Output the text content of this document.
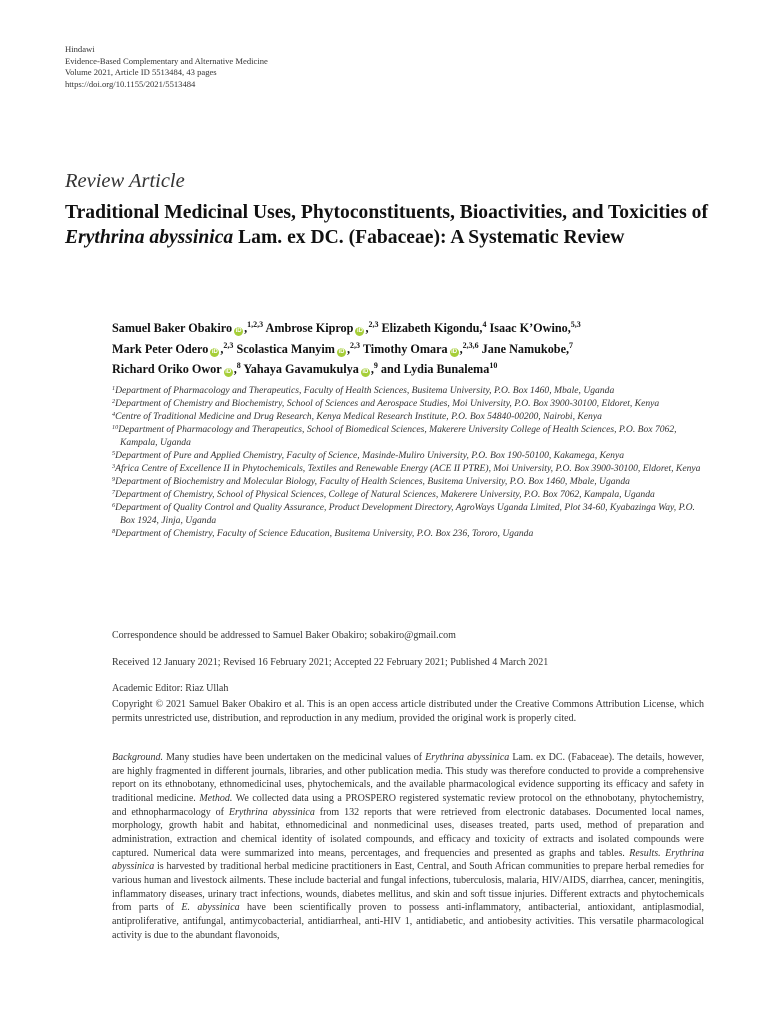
Hindawi
Evidence-Based Complementary and Alternative Medicine
Volume 2021, Article ID 5513484, 43 pages
https://doi.org/10.1155/2021/5513484
Review Article
Traditional Medicinal Uses, Phytoconstituents, Bioactivities, and Toxicities of Erythrina abyssinica Lam. ex DC. (Fabaceae): A Systematic Review
Samuel Baker Obakiro iD ,$^{1,2,3}$ Ambrose Kiprop iD ,$^{2,3}$ Elizabeth Kigondu,$^4$ Isaac K’Owino,$^{5,3}$
Mark Peter Odero iD ,$^{2,3}$ Scolastica Manyim iD ,$^{2,3}$ Timothy Omara iD ,$^{2,3,6}$ Jane Namukobe,$^7$
Richard Oriko Owor iD ,$^8$ Yahaya Gavamukulya iD ,$^9$ and Lydia Bunalema$^{10}$
$^1$Department of Pharmacology and Therapeutics, Faculty of Health Sciences, Busitema University, P.O. Box 1460, Mbale, Uganda
$^2$Department of Chemistry and Biochemistry, School of Sciences and Aerospace Studies, Moi University, P.O. Box 3900-30100, Eldoret, Kenya
$^4$Centre of Traditional Medicine and Drug Research, Kenya Medical Research Institute, P.O. Box 54840-00200, Nairobi, Kenya
$^{10}$Department of Pharmacology and Therapeutics, School of Biomedical Sciences, Makerere University College of Health Sciences, P.O. Box 7062, Kampala, Uganda
$^5$Department of Pure and Applied Chemistry, Faculty of Science, Masinde-Muliro University, P.O. Box 190-50100, Kakamega, Kenya
$^3$Africa Centre of Excellence II in Phytochemicals, Textiles and Renewable Energy (ACE II PTRE), Moi University, P.O. Box 3900-30100, Eldoret, Kenya
$^9$Department of Biochemistry and Molecular Biology, Faculty of Health Sciences, Busitema University, P.O. Box 1460, Mbale, Uganda
$^7$Department of Chemistry, School of Physical Sciences, College of Natural Sciences, Makerere University, P.O. Box 7062, Kampala, Uganda
$^6$Department of Quality Control and Quality Assurance, Product Development Directory, AgroWays Uganda Limited, Plot 34-60, Kyabazinga Way, P.O. Box 1924, Jinja, Uganda
$^8$Department of Chemistry, Faculty of Science Education, Busitema University, P.O. Box 236, Tororo, Uganda
Correspondence should be addressed to Samuel Baker Obakiro; sobakiro@gmail.com
Received 12 January 2021; Revised 16 February 2021; Accepted 22 February 2021; Published 4 March 2021
Academic Editor: Riaz Ullah
Copyright © 2021 Samuel Baker Obakiro et al. This is an open access article distributed under the Creative Commons Attribution License, which permits unrestricted use, distribution, and reproduction in any medium, provided the original work is properly cited.
Background. Many studies have been undertaken on the medicinal values of Erythrina abyssinica Lam. ex DC. (Fabaceae). The details, however, are highly fragmented in different journals, libraries, and other publication media. This study was therefore conducted to provide a comprehensive report on its ethnobotany, ethnomedicinal uses, phytochemicals, and the available pharmacological evidence supporting its efficacy and safety in traditional medicine. Method. We collected data using a PROSPERO registered systematic review protocol on the ethnobotany, phytochemistry, and ethnopharmacology of Erythrina abyssinica from 132 reports that were retrieved from electronic databases. Documented local names, morphology, growth habit and habitat, ethnomedicinal and nonmedicinal uses, diseases treated, parts used, method of preparation and administration, extraction and chemical identity of isolated compounds, and efficacy and toxicity of extracts and isolated compounds were captured. Numerical data were summarized into means, percentages, and frequencies and presented as graphs and tables. Results. Erythrina abyssinica is harvested by traditional herbal medicine practitioners in East, Central, and South African communities to prepare herbal remedies for various human and livestock ailments. These include bacterial and fungal infections, tuberculosis, malaria, HIV/AIDS, diarrhea, cancer, meningitis, inflammatory diseases, urinary tract infections, wounds, diabetes mellitus, and skin and soft tissue injuries. Different extracts and phytochemicals from parts of E. abyssinica have been scientifically proven to possess anti-inflammatory, antibacterial, antioxidant, antiplasmodial, antiproliferative, antifungal, antimycobacterial, antidiarrheal, anti-HIV 1, antidiabetic, and antiobesity activities. This versatile pharmacological activity is due to the abundant flavonoids,
